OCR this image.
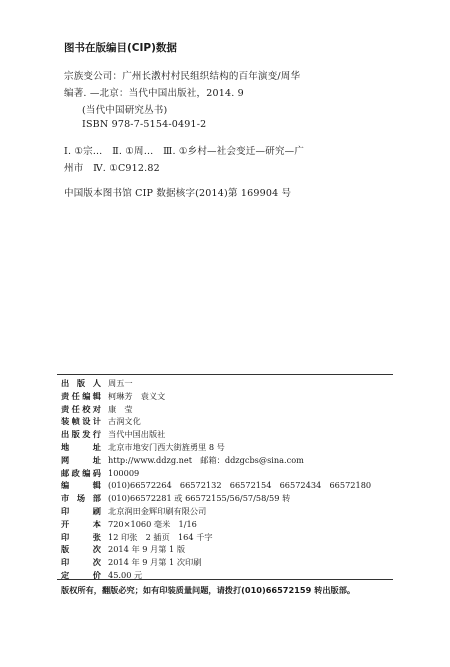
图书在版编目(CIP)数据
宗族变公司：广州长漖村村民组织结构的百年演变/周华
编著. —北京：当代中国出版社，2014. 9
(当代中国研究丛书)
ISBN 978-7-5154-0491-2
Ⅰ. ①宗…　Ⅱ. ①周…　Ⅲ. ①乡村—社会变迁—研究—广
州市　Ⅳ. ①C912.82
中国版本图书馆 CIP 数据核字(2014)第 169904 号
出 版 人 周五一
责任编辑 柯琳芳　袁义文
责任校对 康　莹
装帧设计 古润文化
出版发行 当代中国出版社
地　　址 北京市地安门西大街旌勇里 8 号
网　　址 http://www.ddzg.net　邮箱：ddzgcbs@sina.com
邮政编码 100009
编　　辑 (010)66572264　66572132　66572154　66572434　66572180
市 场 部 (010)66572281 或 66572155/56/57/58/59 转
印　　刷 北京润田金辉印刷有限公司
开　　本 720×1060 毫米　1/16
印　　张 12 印张　2 插页　164 千字
版　　次 2014 年 9 月第 1 版
印　　次 2014 年 9 月第 1 次印刷
定　　价 45.00 元
版权所有，翻版必究；如有印装质量问题，请拨打(010)66572159 转出版部。
